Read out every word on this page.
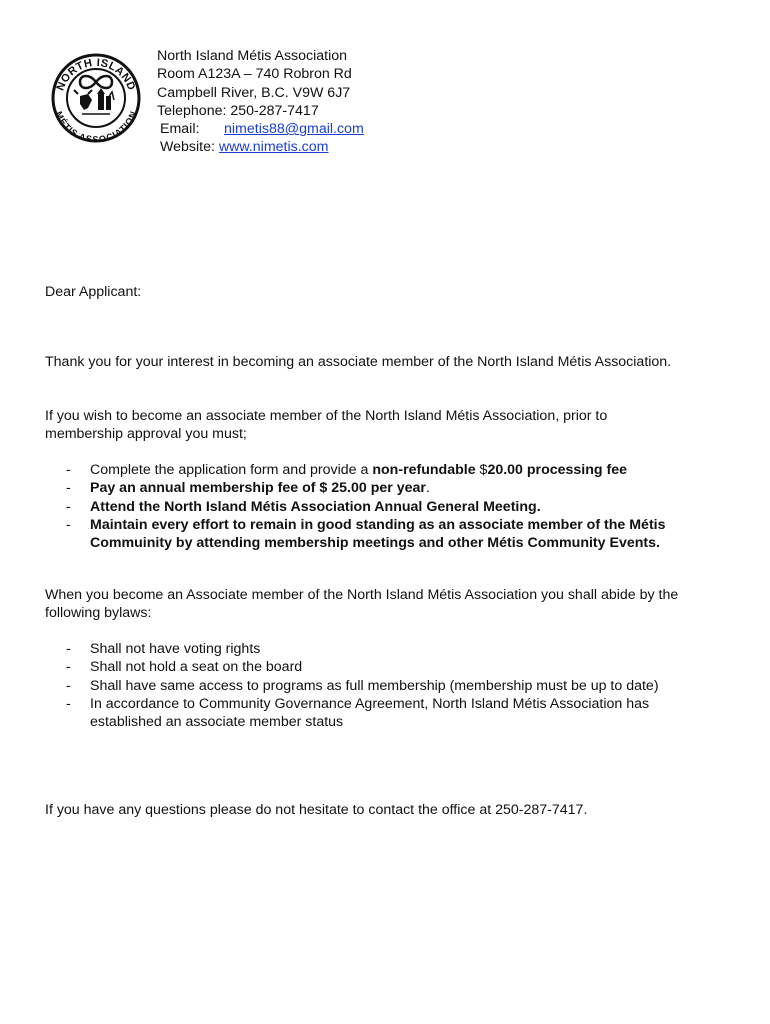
NORTH ISLAND
MÉTIS ASSOCIATION
North Island Métis Association
Room A123A – 740 Robron Rd
Campbell River, B.C. V9W 6J7
Telephone: 250-287-7417
Email: nimetis88@gmail.com
Website: www.nimetis.com
Dear Applicant:
Thank you for your interest in becoming an associate member of the North Island Métis Association.
If you wish to become an associate member of the North Island Métis Association, prior to membership approval you must;
- Complete the application form and provide a non-refundable $20.00 processing fee
- Pay an annual membership fee of $ 25.00 per year.
- Attend the North Island Métis Association Annual General Meeting.
- Maintain every effort to remain in good standing as an associate member of the Métis Commuinity by attending membership meetings and other Métis Community Events.
When you become an Associate member of the North Island Métis Association you shall abide by the following bylaws:
- Shall not have voting rights
- Shall not hold a seat on the board
- Shall have same access to programs as full membership (membership must be up to date)
- In accordance to Community Governance Agreement, North Island Métis Association has established an associate member status
If you have any questions please do not hesitate to contact the office at 250-287-7417.
